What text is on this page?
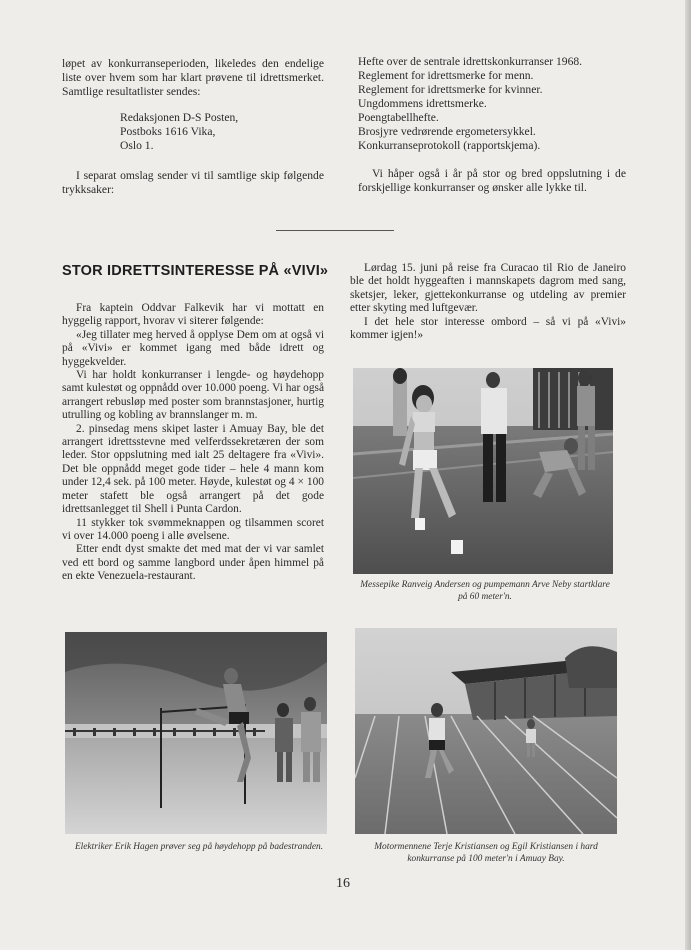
løpet av konkurranseperioden, likeledes den endelige liste over hvem som har klart prøvene til idrettsmerket. Samtlige resultatlister sendes:

Redaksjonen D-S Posten,
Postboks 1616 Vika,
Oslo 1.

I separat omslag sender vi til samtlige skip følgende trykksaker:

Hefte over de sentrale idrettskonkurranser 1968.
Reglement for idrettsmerke for menn.
Reglement for idrettsmerke for kvinner.
Ungdommens idrettsmerke.
Poengtabellhefte.
Brosjyre vedrørende ergometersykkel.
Konkurranseprotokoll (rapportskjema).

Vi håper også i år på stor og bred oppslutning i de forskjellige konkurranser og ønsker alle lykke til.

STOR IDRETTSINTERESSE PÅ «VIVI»

Fra kaptein Oddvar Falkevik har vi mottatt en hyggelig rapport, hvorav vi siterer følgende:

«Jeg tillater meg herved å opplyse Dem om at også vi på «Vivi» er kommet igang med både idrett og hyggekvelder.

Vi har holdt konkurranser i lengde- og høydehopp samt kulestøt og oppnådd over 10.000 poeng. Vi har også arrangert rebusløp med poster som brannstasjoner, hurtig utrulling og kobling av brannslanger m. m.

2. pinsedag mens skipet laster i Amuay Bay, ble det arrangert idrettsstevne med velferdssekretæren der som leder. Stor oppslutning med ialt 25 deltagere fra «Vivi». Det ble oppnådd meget gode tider – hele 4 mann kom under 12,4 sek. på 100 meter. Høyde, kulestøt og 4 × 100 meter stafett ble også arrangert på det gode idrettsanlegget til Shell i Punta Cardon.

11 stykker tok svømmeknappen og tilsammen scoret vi over 14.000 poeng i alle øvelsene.

Etter endt dyst smakte det med mat der vi var samlet ved ett bord og samme langbord under åpen himmel på en ekte Venezuela-restaurant.

Lørdag 15. juni på reise fra Curacao til Rio de Janeiro ble det holdt hyggeaften i mannskapets dagrom med sang, sketsjer, leker, gjettekonkurranse og utdeling av premier etter skyting med luftgevær.

I det hele stor interesse ombord – så vi på «Vivi» kommer igjen!»

Messepike Ranveig Andersen og pumpemann Arve Neby startklare på 60 meter'n.
Elektriker Erik Hagen prøver seg på høydehopp på badestranden.	Motormennene Terje Kristiansen og Egil Kristiansen i hard konkurranse på 100 meter'n i Amuay Bay.
16
